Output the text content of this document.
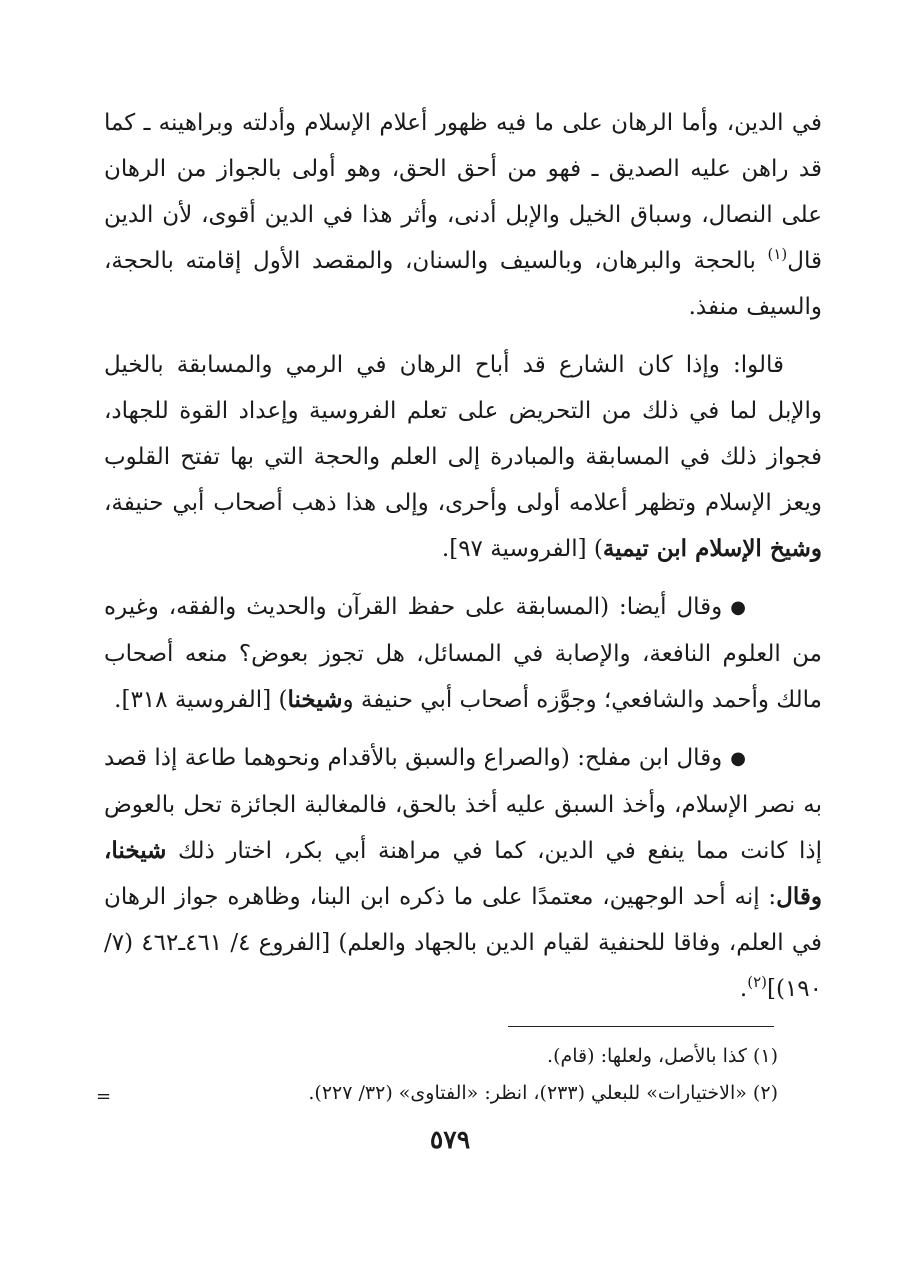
في الدين، وأما الرهان على ما فيه ظهور أعلام الإسلام وأدلته وبراهينه ـ كما قد راهن عليه الصديق ـ فهو من أحق الحق، وهو أولى بالجواز من الرهان على النصال، وسباق الخيل والإبل أدنى، وأثر هذا في الدين أقوى، لأن الدين قال$^{(١)}$ بالحجة والبرهان، وبالسيف والسنان، والمقصد الأول إقامته بالحجة، والسيف منفذ.

قالوا: وإذا كان الشارع قد أباح الرهان في الرمي والمسابقة بالخيل والإبل لما في ذلك من التحريض على تعلم الفروسية وإعداد القوة للجهاد، فجواز ذلك في المسابقة والمبادرة إلى العلم والحجة التي بها تفتح القلوب ويعز الإسلام وتظهر أعلامه أولى وأحرى، وإلى هذا ذهب أصحاب أبي حنيفة، وشيخ الإسلام ابن تيمية) [الفروسية ٩٧].

●وقال أيضا: (المسابقة على حفظ القرآن والحديث والفقه، وغيره من العلوم النافعة، والإصابة في المسائل، هل تجوز بعوض؟ منعه أصحاب مالك وأحمد والشافعي؛ وجوَّزه أصحاب أبي حنيفة وشيخنا) [الفروسية ٣١٨].

●وقال ابن مفلح: (والصراع والسبق بالأقدام ونحوهما طاعة إذا قصد به نصر الإسلام، وأخذ السبق عليه أخذ بالحق، فالمغالبة الجائزة تحل بالعوض إذا كانت مما ينفع في الدين، كما في مراهنة أبي بكر، اختار ذلك شيخنا، وقال: إنه أحد الوجهين، معتمدًا على ما ذكره ابن البنا، وظاهره جواز الرهان في العلم، وفاقا للحنفية لقيام الدين بالجهاد والعلم) [الفروع ٤/ ٤٦١ـ٤٦٢ (٧/ ١٩٠)]$^{(٢)}$.

(١) كذا بالأصل، ولعلها: (قام).

(٢) «الاختيارات» للبعلي (٢٣٣)، انظر: «الفتاوى» (٣٢/ ٢٢٧).

=
٥٧٩
